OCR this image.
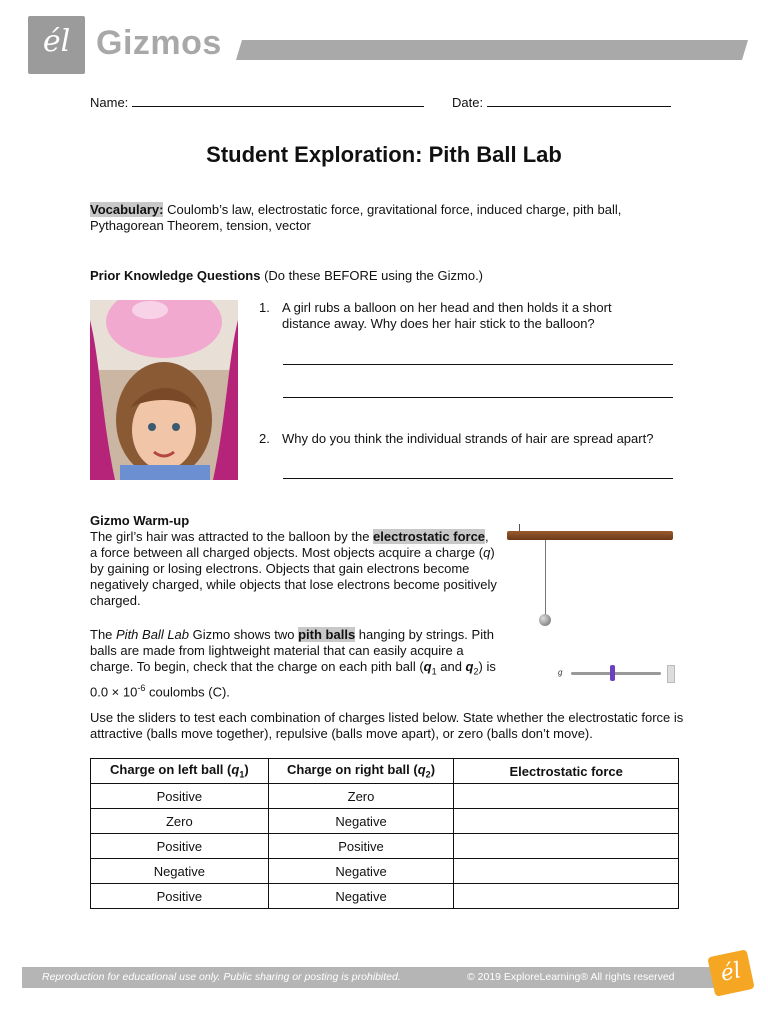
él Gizmos
Name:	Date:
Student Exploration: Pith Ball Lab
Vocabulary: Coulomb’s law, electrostatic force, gravitational force, induced charge, pith ball, Pythagorean Theorem, tension, vector
Prior Knowledge Questions (Do these BEFORE using the Gizmo.)
1. A girl rubs a balloon on her head and then holds it a short distance away. Why does her hair stick to the balloon?
2. Why do you think the individual strands of hair are spread apart?
Gizmo Warm-up
The girl’s hair was attracted to the balloon by the electrostatic force, a force between all charged objects. Most objects acquire a charge (q) by gaining or losing electrons. Objects that gain electrons become negatively charged, while objects that lose electrons become positively charged.
The Pith Ball Lab Gizmo shows two pith balls hanging by strings. Pith balls are made from lightweight material that can easily acquire a charge. To begin, check that the charge on each pith ball ($q_1$ and $q_2$) is $0.0 \times 10^{-6}$ coulombs (C).
g
Use the sliders to test each combination of charges listed below. State whether the electrostatic force is attractive (balls move together), repulsive (balls move apart), or zero (balls don’t move).
Charge on left ball $(q_1)$	Charge on right ball $(q_2)$	Electrostatic force
Positive	Zero	
Zero	Negative	
Positive	Positive	
Negative	Negative	
Positive	Negative	
Reproduction for educational use only. Public sharing or posting is prohibited.	© 2019 ExploreLearning® All rights reserved	él
